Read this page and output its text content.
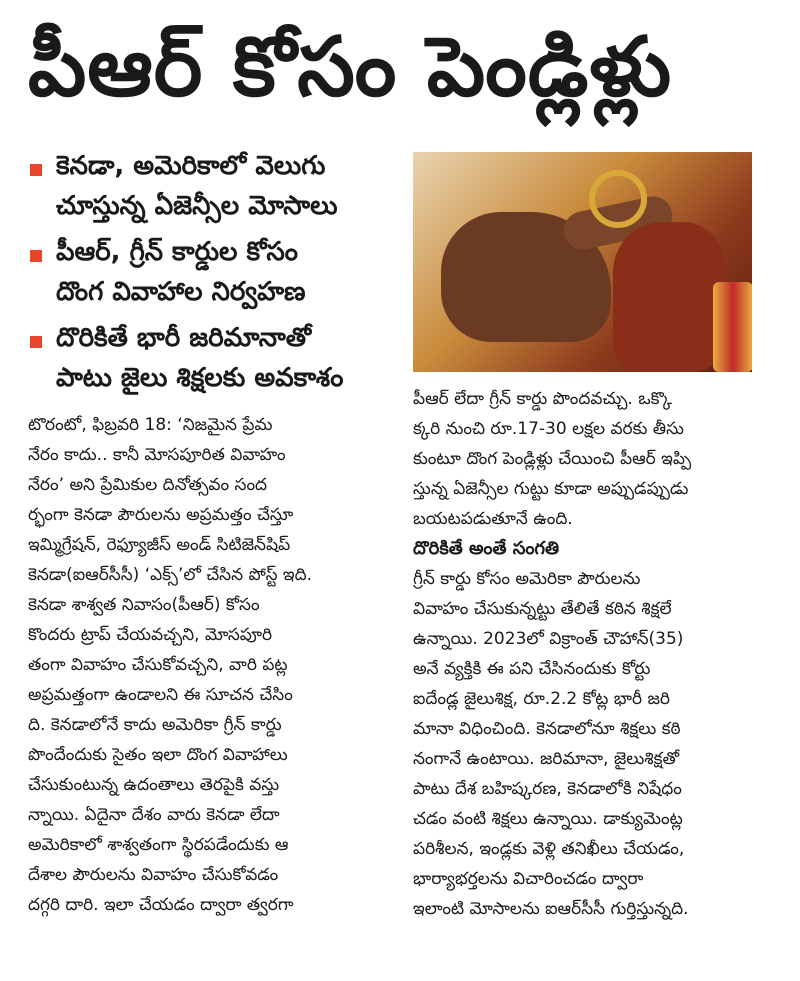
పీఆర్ కోసం పెండ్లిళ్లు
కెనడా, అమెరికాలో వెలుగు
చూస్తున్న ఏజెన్సీల మోసాలు
పీఆర్, గ్రీన్ కార్డుల కోసం
దొంగ వివాహాల నిర్వహణ
దొరికితే భారీ జరిమానాతో
పాటు జైలు శిక్షలకు అవకాశం

టొరంటో, ఫిబ్రవరి 18: ‘నిజమైన ప్రేమ

నేరం కాదు.. కానీ మోసపూరిత వివాహం

నేరం’ అని ప్రేమికుల దినోత్సవం సంద

ర్భంగా కెనడా పౌరులను అప్రమత్తం చేస్తూ

ఇమ్మిగ్రేషన్, రెఫ్యూజీస్ అండ్ సిటిజెన్‌షిప్

కెనడా(ఐఆర్‌సీసీ) ‘ఎక్స్’లో చేసిన పోస్ట్ ఇది.

కెనడా శాశ్వత నివాసం(పీఆర్) కోసం

కొందరు ట్రాప్ చేయవచ్చని, మోసపూరి

తంగా వివాహం చేసుకోవచ్చని, వారి పట్ల

అప్రమత్తంగా ఉండాలని ఈ సూచన చేసిం

ది. కెనడాలోనే కాదు అమెరికా గ్రీన్ కార్డు

పొందేందుకు సైతం ఇలా దొంగ వివాహాలు

చేసుకుంటున్న ఉదంతాలు తెరపైకి వస్తు

న్నాయి. ఏదైనా దేశం వారు కెనడా లేదా

అమెరికాలో శాశ్వతంగా స్థిరపడేందుకు ఆ

దేశాల పౌరులను వివాహం చేసుకోవడం

దగ్గరి దారి. ఇలా చేయడం ద్వారా త్వరగా

పీఆర్ లేదా గ్రీన్ కార్డు పొందవచ్చు. ఒక్కొ

క్కరి నుంచి రూ.17-30 లక్షల వరకు తీసు

కుంటూ దొంగ పెండ్లిళ్లు చేయించి పీఆర్ ఇప్పి

స్తున్న ఏజెన్సీల గుట్టు కూడా అప్పుడప్పుడు

బయటపడుతూనే ఉంది.

దొరికితే అంతే సంగతి

గ్రీన్ కార్డు కోసం అమెరికా పౌరులను

వివాహం చేసుకున్నట్టు తేలితే కఠిన శిక్షలే

ఉన్నాయి. 2023లో విక్రాంత్ చౌహాన్(35)

అనే వ్యక్తికి ఈ పని చేసినందుకు కోర్టు

ఐదేండ్ల జైలుశిక్ష, రూ.2.2 కోట్ల భారీ జరి

మానా విధించింది. కెనడాలోనూ శిక్షలు కఠి

నంగానే ఉంటాయి. జరిమానా, జైలుశిక్షతో

పాటు దేశ బహిష్కరణ, కెనడాలోకి నిషేధం

చడం వంటి శిక్షలు ఉన్నాయి. డాక్యుమెంట్ల

పరిశీలన, ఇండ్లకు వెళ్లి తనిఖీలు చేయడం,

భార్యాభర్తలను విచారించడం ద్వారా

ఇలాంటి మోసాలను ఐఆర్‌సీసీ గుర్తిస్తున్నది.
